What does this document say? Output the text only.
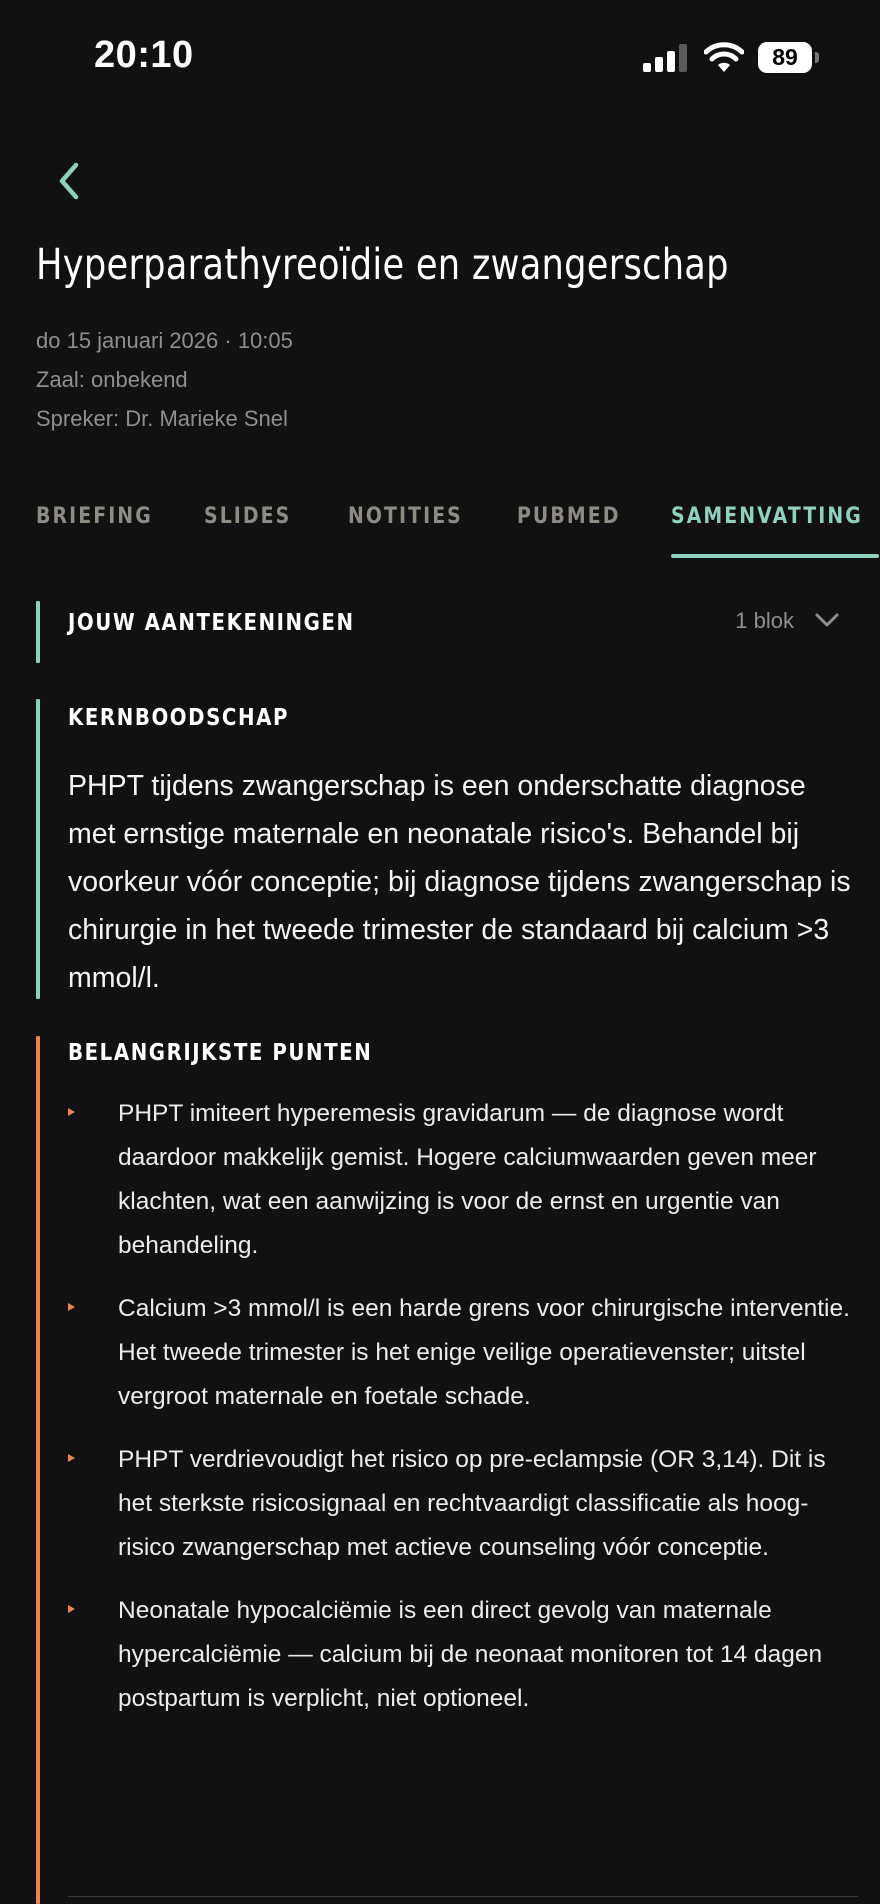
20:10	89
Hyperparathyreoïdie en zwangerschap
do 15 januari 2026 · 10:05
Zaal: onbekend
Spreker: Dr. Marieke Snel
BRIEFING SLIDES	NOTITIES PUBMED SAMENVATTING
JOUW AANTEKENINGEN	1 blok
KERNBOODSCHAP
PHPT tijdens zwangerschap is een onderschatte diagnose met ernstige maternale en neonatale risico's. Behandel bij voorkeur vóór conceptie; bij diagnose tijdens zwangerschap is chirurgie in het tweede trimester de standaard bij calcium >3 mmol/l.
BELANGRIJKSTE PUNTEN
PHPT imiteert hyperemesis gravidarum — de diagnose wordt daardoor makkelijk gemist. Hogere calciumwaarden geven meer klachten, wat een aanwijzing is voor de ernst en urgentie van behandeling.
Calcium >3 mmol/l is een harde grens voor chirurgische interventie. Het tweede trimester is het enige veilige operatievenster; uitstel vergroot maternale en foetale schade.
PHPT verdrievoudigt het risico op pre-eclampsie (OR 3,14). Dit is het sterkste risicosignaal en rechtvaardigt classificatie als hoog-risico zwangerschap met actieve counseling vóór conceptie.
Neonatale hypocalciëmie is een direct gevolg van maternale hypercalciëmie — calcium bij de neonaat monitoren tot 14 dagen postpartum is verplicht, niet optioneel.
